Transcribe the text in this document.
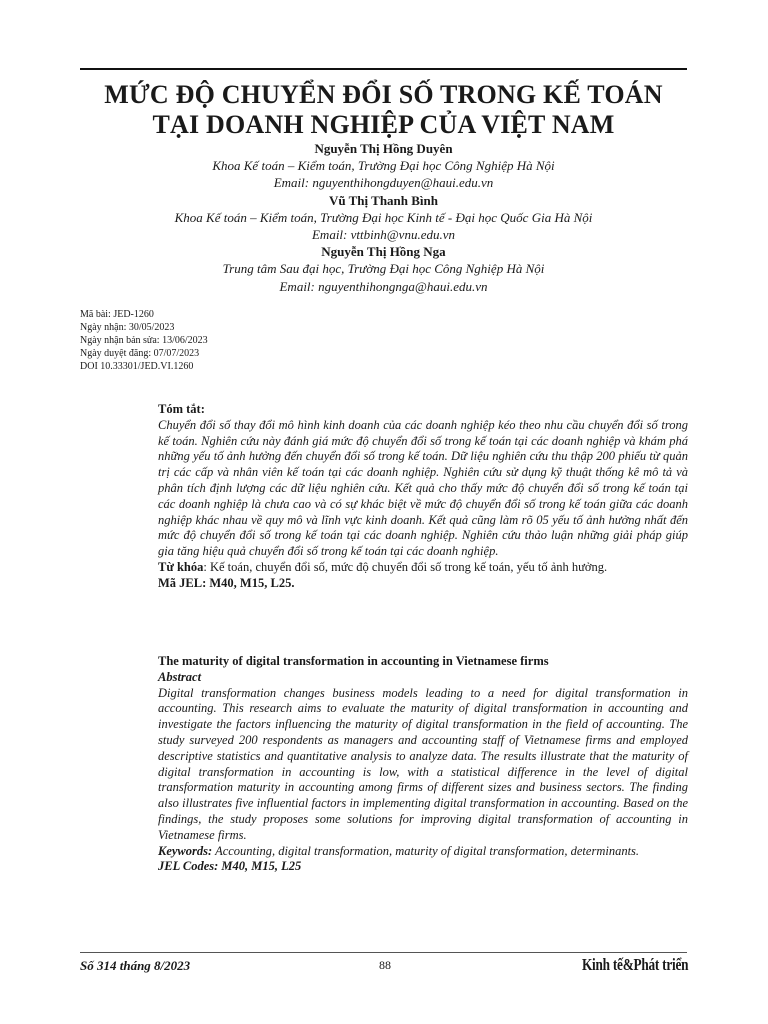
MỨC ĐỘ CHUYỂN ĐỔI SỐ TRONG KẾ TOÁN
TẠI DOANH NGHIỆP CỦA VIỆT NAM
Nguyễn Thị Hồng Duyên
Khoa Kế toán – Kiểm toán, Trường Đại học Công Nghiệp Hà Nội
Email: nguyenthihongduyen@haui.edu.vn
Vũ Thị Thanh Bình
Khoa Kế toán – Kiểm toán, Trường Đại học Kinh tế - Đại học Quốc Gia Hà Nội
Email: vttbinh@vnu.edu.vn
Nguyễn Thị Hồng Nga
Trung tâm Sau đại học, Trường Đại học Công Nghiệp Hà Nội
Email: nguyenthihongnga@haui.edu.vn
Mã bài: JED-1260
Ngày nhận: 30/05/2023
Ngày nhận bản sửa: 13/06/2023
Ngày duyệt đăng: 07/07/2023
DOI 10.33301/JED.VI.1260
Tóm tắt:
Chuyển đổi số thay đổi mô hình kinh doanh của các doanh nghiệp kéo theo nhu cầu chuyển đổi số trong kế toán. Nghiên cứu này đánh giá mức độ chuyển đổi số trong kế toán tại các doanh nghiệp và khám phá những yếu tố ảnh hưởng đến chuyển đổi số trong kế toán. Dữ liệu nghiên cứu thu thập 200 phiếu từ quản trị các cấp và nhân viên kế toán tại các doanh nghiệp. Nghiên cứu sử dụng kỹ thuật thống kê mô tả và phân tích định lượng các dữ liệu nghiên cứu. Kết quả cho thấy mức độ chuyển đổi số trong kế toán tại các doanh nghiệp là chưa cao và có sự khác biệt về mức độ chuyển đổi số trong kế toán giữa các doanh nghiệp khác nhau về quy mô và lĩnh vực kinh doanh. Kết quả cũng làm rõ 05 yếu tố ảnh hưởng nhất đến mức độ chuyển đổi số trong kế toán tại các doanh nghiệp. Nghiên cứu thảo luận những giải pháp giúp gia tăng hiệu quả chuyển đổi số trong kế toán tại các doanh nghiệp.
Từ khóa: Kế toán, chuyển đổi số, mức độ chuyển đổi số trong kế toán, yếu tố ảnh hưởng.
Mã JEL: M40, M15, L25.
The maturity of digital transformation in accounting in Vietnamese firms
Abstract
Digital transformation changes business models leading to a need for digital transformation in accounting. This research aims to evaluate the maturity of digital transformation in accounting and investigate the factors influencing the maturity of digital transformation in the field of accounting. The study surveyed 200 respondents as managers and accounting staff of Vietnamese firms and employed descriptive statistics and quantitative analysis to analyze data. The results illustrate that the maturity of digital transformation in accounting is low, with a statistical difference in the level of digital transformation maturity in accounting among firms of different sizes and business sectors. The finding also illustrates five influential factors in implementing digital transformation in accounting. Based on the findings, the study proposes some solutions for improving digital transformation of accounting in Vietnamese firms.
Keywords: Accounting, digital transformation, maturity of digital transformation, determinants.
JEL Codes: M40, M15, L25
Số 314 tháng 8/2023	88	Kinh tế&Phát triển
